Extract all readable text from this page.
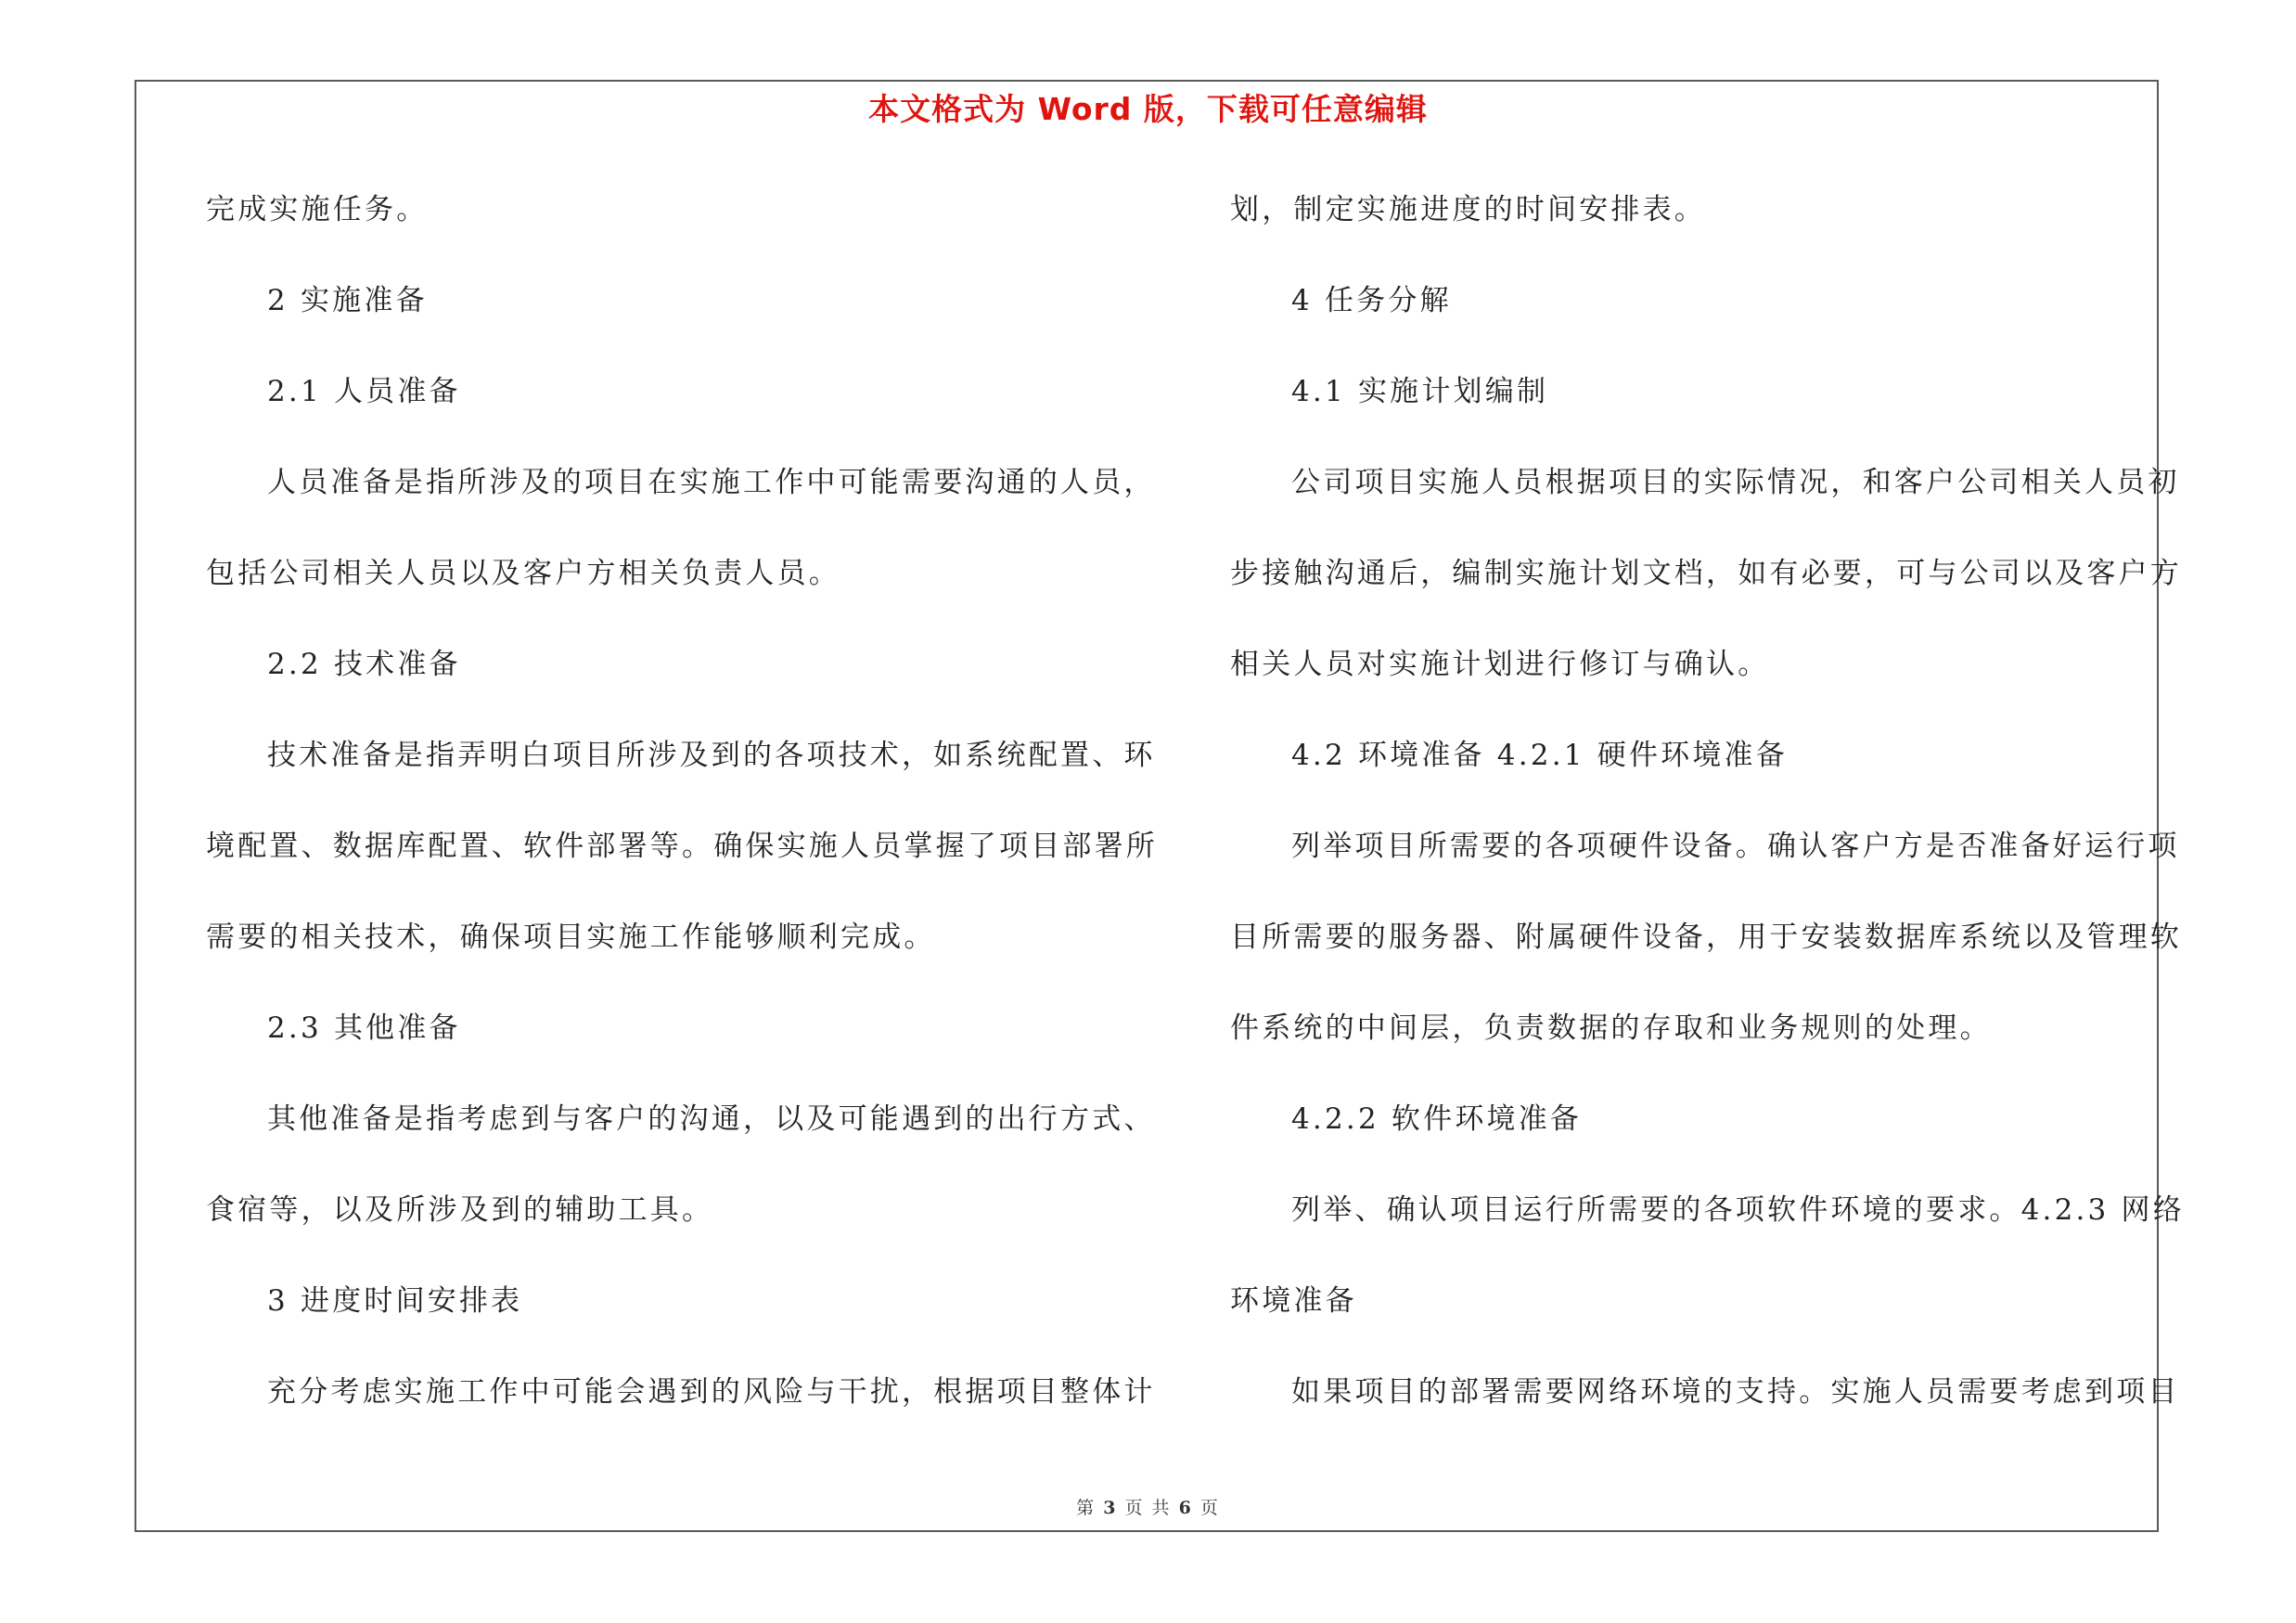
本文格式为 Word 版，下载可任意编辑
完成实施任务。
2 实施准备
2.1 人员准备
人员准备是指所涉及的项目在实施工作中可能需要沟通的人员，
包括公司相关人员以及客户方相关负责人员。
2.2 技术准备
技术准备是指弄明白项目所涉及到的各项技术，如系统配置、环
境配置、数据库配置、软件部署等。确保实施人员掌握了项目部署所
需要的相关技术，确保项目实施工作能够顺利完成。
2.3 其他准备
其他准备是指考虑到与客户的沟通，以及可能遇到的出行方式、
食宿等，以及所涉及到的辅助工具。
3 进度时间安排表
充分考虑实施工作中可能会遇到的风险与干扰，根据项目整体计
划，制定实施进度的时间安排表。
4 任务分解
4.1 实施计划编制
公司项目实施人员根据项目的实际情况，和客户公司相关人员初
步接触沟通后，编制实施计划文档，如有必要，可与公司以及客户方
相关人员对实施计划进行修订与确认。
4.2 环境准备 4.2.1 硬件环境准备
列举项目所需要的各项硬件设备。确认客户方是否准备好运行项
目所需要的服务器、附属硬件设备，用于安装数据库系统以及管理软
件系统的中间层，负责数据的存取和业务规则的处理。
4.2.2 软件环境准备
列举、确认项目运行所需要的各项软件环境的要求。4.2.3 网络
环境准备
如果项目的部署需要网络环境的支持。实施人员需要考虑到项目
第 3 页 共 6 页
